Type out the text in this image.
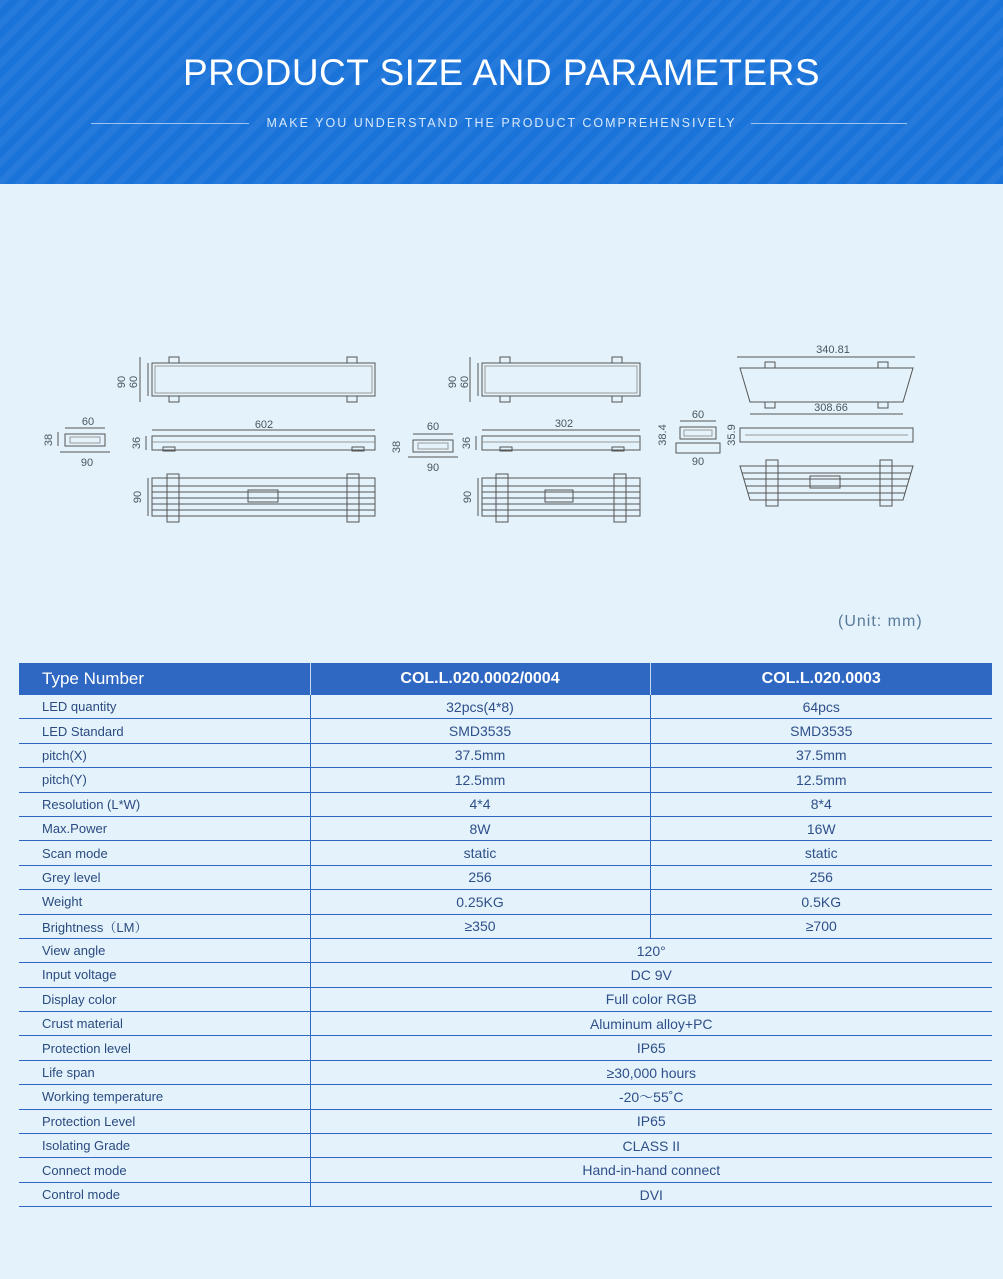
PRODUCT SIZE AND PARAMETERS
MAKE YOU UNDERSTAND THE PRODUCT COMPREHENSIVELY
90 60
602
60
38
90
36
90
90 60
302
60
38
90
36
90
340.81
308.66
60
38.4
90
35.9
(Unit: mm)
Type Number	COL.L.020.0002/0004	COL.L.020.0003
LED quantity	32pcs(4*8)	64pcs
LED Standard	SMD3535	SMD3535
pitch(X)	37.5mm	37.5mm
pitch(Y)	12.5mm	12.5mm
Resolution (L*W)	4*4	8*4
Max.Power	8W	16W
Scan mode	static	static
Grey level	256	256
Weight	0.25KG	0.5KG
Brightness（LM）	≥350	≥700
View angle	120°	
Input voltage	DC 9V	
Display color	Full color RGB	
Crust material	Aluminum alloy+PC	
Protection level	IP65	
Life span	≥30,000 hours	
Working temperature	-20～55˚C	
Protection Level	IP65	
Isolating Grade	CLASS II	
Connect mode	Hand-in-hand connect	
Control mode	DVI	
